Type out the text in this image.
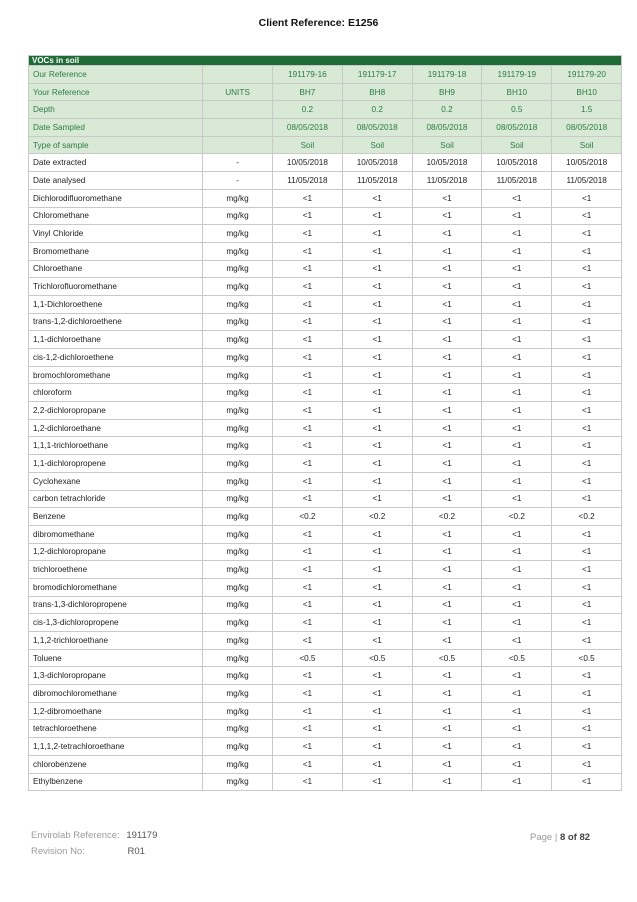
Client Reference: E1256
VOCs in soil						
Our Reference		191179-16	191179-17	191179-18	191179-19	191179-20
Your Reference	UNITS	BH7	BH8	BH9	BH10	BH10
Depth		0.2	0.2	0.2	0.5	1.5
Date Sampled		08/05/2018	08/05/2018	08/05/2018	08/05/2018	08/05/2018
Type of sample		Soil	Soil	Soil	Soil	Soil
Date extracted	-	10/05/2018	10/05/2018	10/05/2018	10/05/2018	10/05/2018
Date analysed	-	11/05/2018	11/05/2018	11/05/2018	11/05/2018	11/05/2018
Dichlorodifluoromethane	mg/kg	<1	<1	<1	<1	<1
Chloromethane	mg/kg	<1	<1	<1	<1	<1
Vinyl Chloride	mg/kg	<1	<1	<1	<1	<1
Bromomethane	mg/kg	<1	<1	<1	<1	<1
Chloroethane	mg/kg	<1	<1	<1	<1	<1
Trichlorofluoromethane	mg/kg	<1	<1	<1	<1	<1
1,1-Dichloroethene	mg/kg	<1	<1	<1	<1	<1
trans-1,2-dichloroethene	mg/kg	<1	<1	<1	<1	<1
1,1-dichloroethane	mg/kg	<1	<1	<1	<1	<1
cis-1,2-dichloroethene	mg/kg	<1	<1	<1	<1	<1
bromochloromethane	mg/kg	<1	<1	<1	<1	<1
chloroform	mg/kg	<1	<1	<1	<1	<1
2,2-dichloropropane	mg/kg	<1	<1	<1	<1	<1
1,2-dichloroethane	mg/kg	<1	<1	<1	<1	<1
1,1,1-trichloroethane	mg/kg	<1	<1	<1	<1	<1
1,1-dichloropropene	mg/kg	<1	<1	<1	<1	<1
Cyclohexane	mg/kg	<1	<1	<1	<1	<1
carbon tetrachloride	mg/kg	<1	<1	<1	<1	<1
Benzene	mg/kg	<0.2	<0.2	<0.2	<0.2	<0.2
dibromomethane	mg/kg	<1	<1	<1	<1	<1
1,2-dichloropropane	mg/kg	<1	<1	<1	<1	<1
trichloroethene	mg/kg	<1	<1	<1	<1	<1
bromodichloromethane	mg/kg	<1	<1	<1	<1	<1
trans-1,3-dichloropropene	mg/kg	<1	<1	<1	<1	<1
cis-1,3-dichloropropene	mg/kg	<1	<1	<1	<1	<1
1,1,2-trichloroethane	mg/kg	<1	<1	<1	<1	<1
Toluene	mg/kg	<0.5	<0.5	<0.5	<0.5	<0.5
1,3-dichloropropane	mg/kg	<1	<1	<1	<1	<1
dibromochloromethane	mg/kg	<1	<1	<1	<1	<1
1,2-dibromoethane	mg/kg	<1	<1	<1	<1	<1
tetrachloroethene	mg/kg	<1	<1	<1	<1	<1
1,1,1,2-tetrachloroethane	mg/kg	<1	<1	<1	<1	<1
chlorobenzene	mg/kg	<1	<1	<1	<1	<1
Ethylbenzene	mg/kg	<1	<1	<1	<1	<1
Envirolab Reference: 191179
Revision No:	R01
Page | 8 of 82
